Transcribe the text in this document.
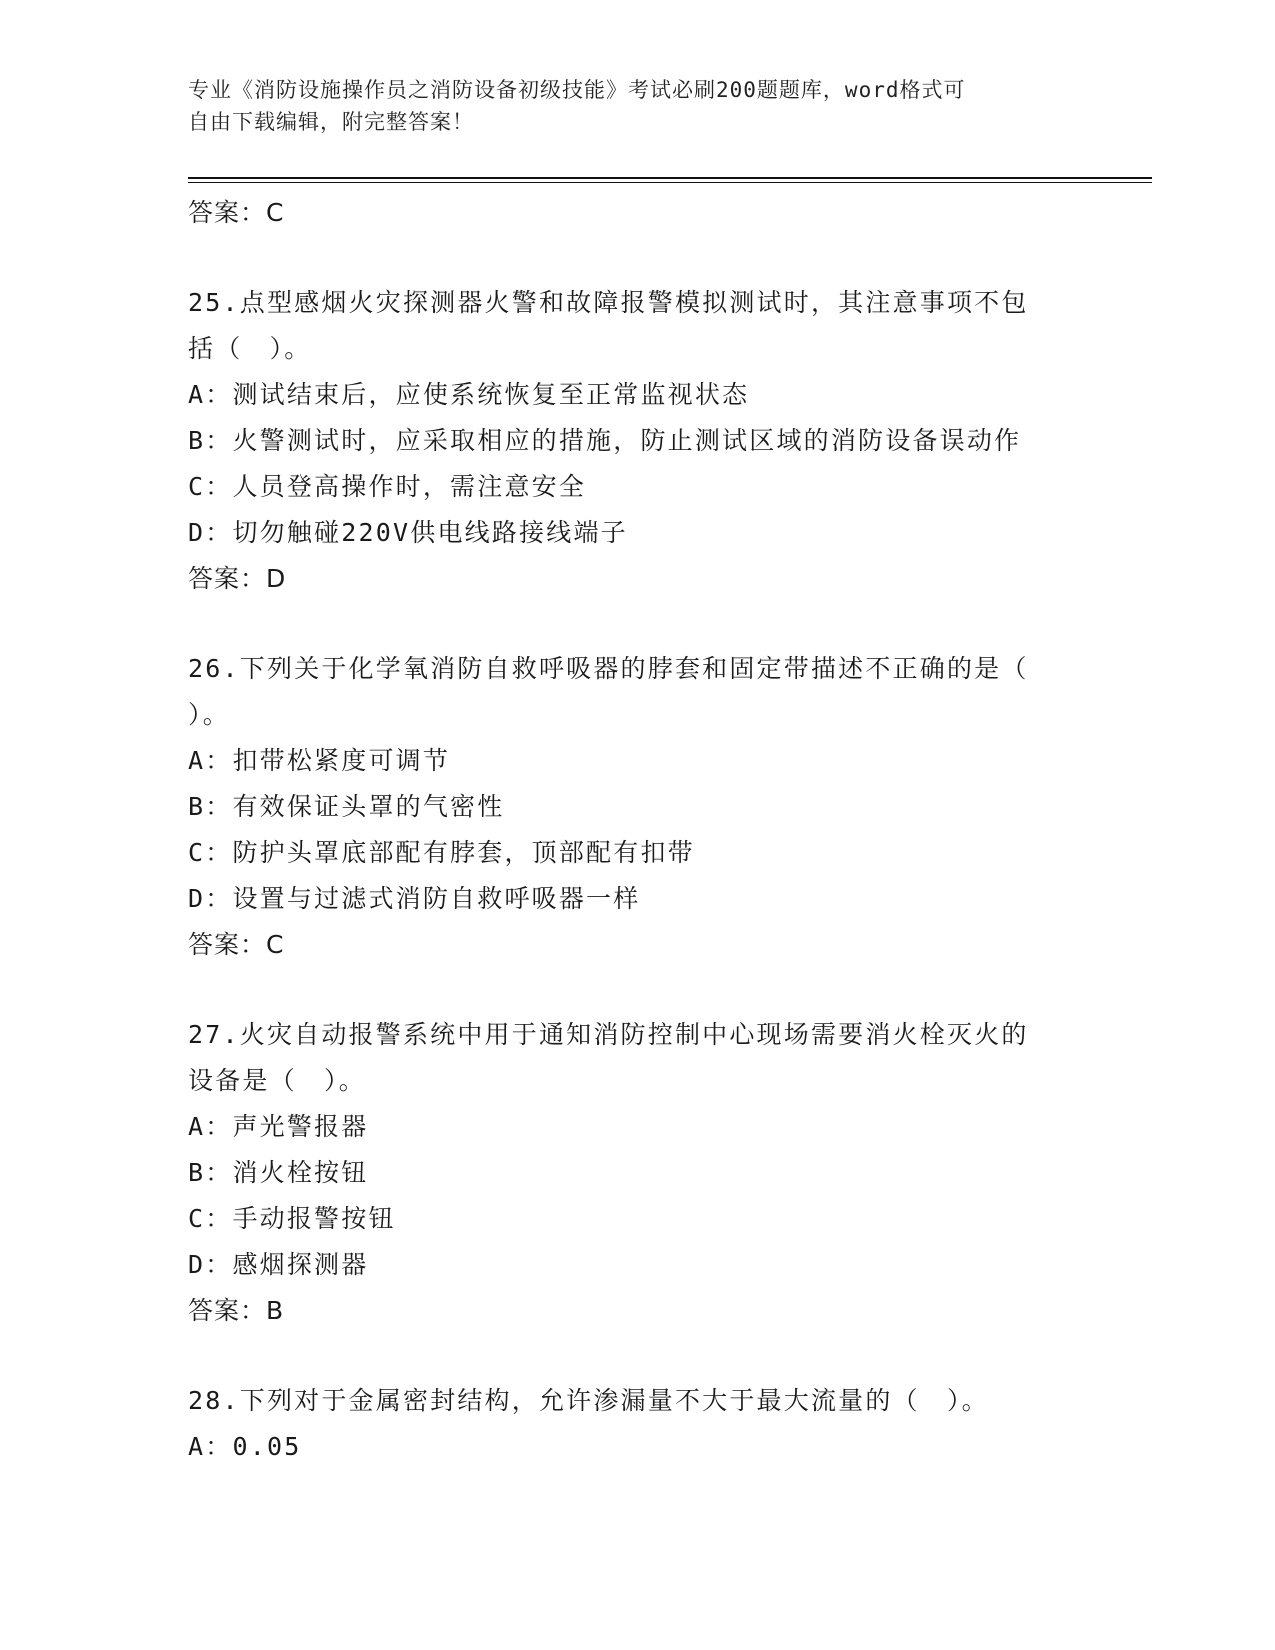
专业《消防设施操作员之消防设备初级技能》考试必刷200题题库，word格式可
自由下载编辑，附完整答案！
答案：C
25.点型感烟火灾探测器火警和故障报警模拟测试时，其注意事项不包
括（　）。
A：测试结束后，应使系统恢复至正常监视状态
B：火警测试时，应采取相应的措施，防止测试区域的消防设备误动作
C：人员登高操作时，需注意安全
D：切勿触碰220V供电线路接线端子
答案：D
26.下列关于化学氧消防自救呼吸器的脖套和固定带描述不正确的是（
）。
A：扣带松紧度可调节
B：有效保证头罩的气密性
C：防护头罩底部配有脖套，顶部配有扣带
D：设置与过滤式消防自救呼吸器一样
答案：C
27.火灾自动报警系统中用于通知消防控制中心现场需要消火栓灭火的
设备是（　）。
A：声光警报器
B：消火栓按钮
C：手动报警按钮
D：感烟探测器
答案：B
28.下列对于金属密封结构，允许渗漏量不大于最大流量的（　）。
A：0.05
